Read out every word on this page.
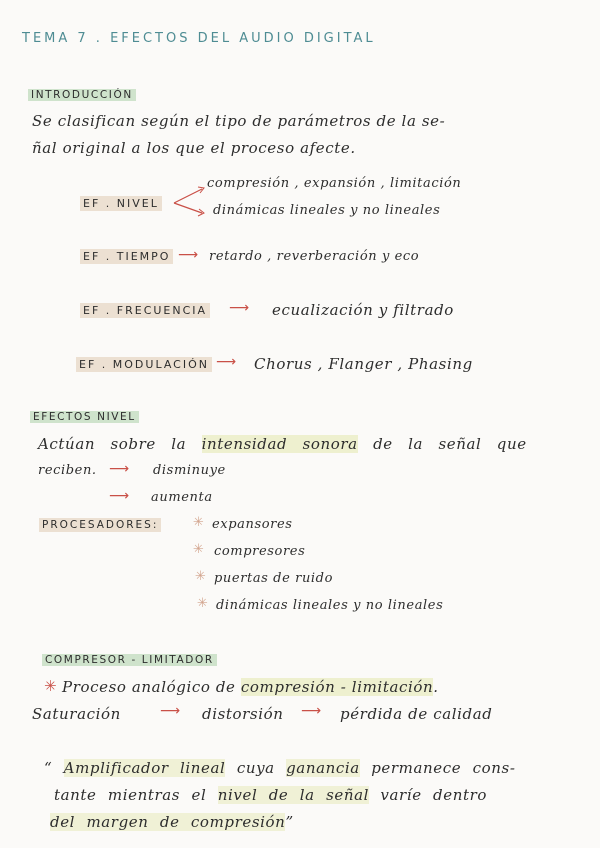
TEMA 7 . EFECTOS DEL AUDIO DIGITAL
INTRODUCCIÓN
Se clasifican según el tipo de parámetros de la se-
ñal original a los que el proceso afecte.
EF . NIVEL
compresión , expansión , limitación
dinámicas lineales y no lineales
EF . TIEMPO ⟶ retardo , reverberación y eco
EF . FRECUENCIA ⟶ ecualización y filtrado
EF . MODULACIÓN ⟶ Chorus , Flanger , Phasing
EFECTOS NIVEL
Actúan sobre la intensidad sonora de la señal que
reciben. ⟶ disminuye
⟶ aumenta
PROCESADORES:	✳ expansores
✳ compresores
✳ puertas de ruido
✳ dinámicas lineales y no lineales
COMPRESOR - LIMITADOR
✳ Proceso analógico de compresión - limitación.
Saturación	⟶ distorsión ⟶ pérdida de calidad
“ Amplificador lineal cuya ganancia permanece cons-
tante mientras el nivel de la señal varíe dentro
del margen de compresión”
